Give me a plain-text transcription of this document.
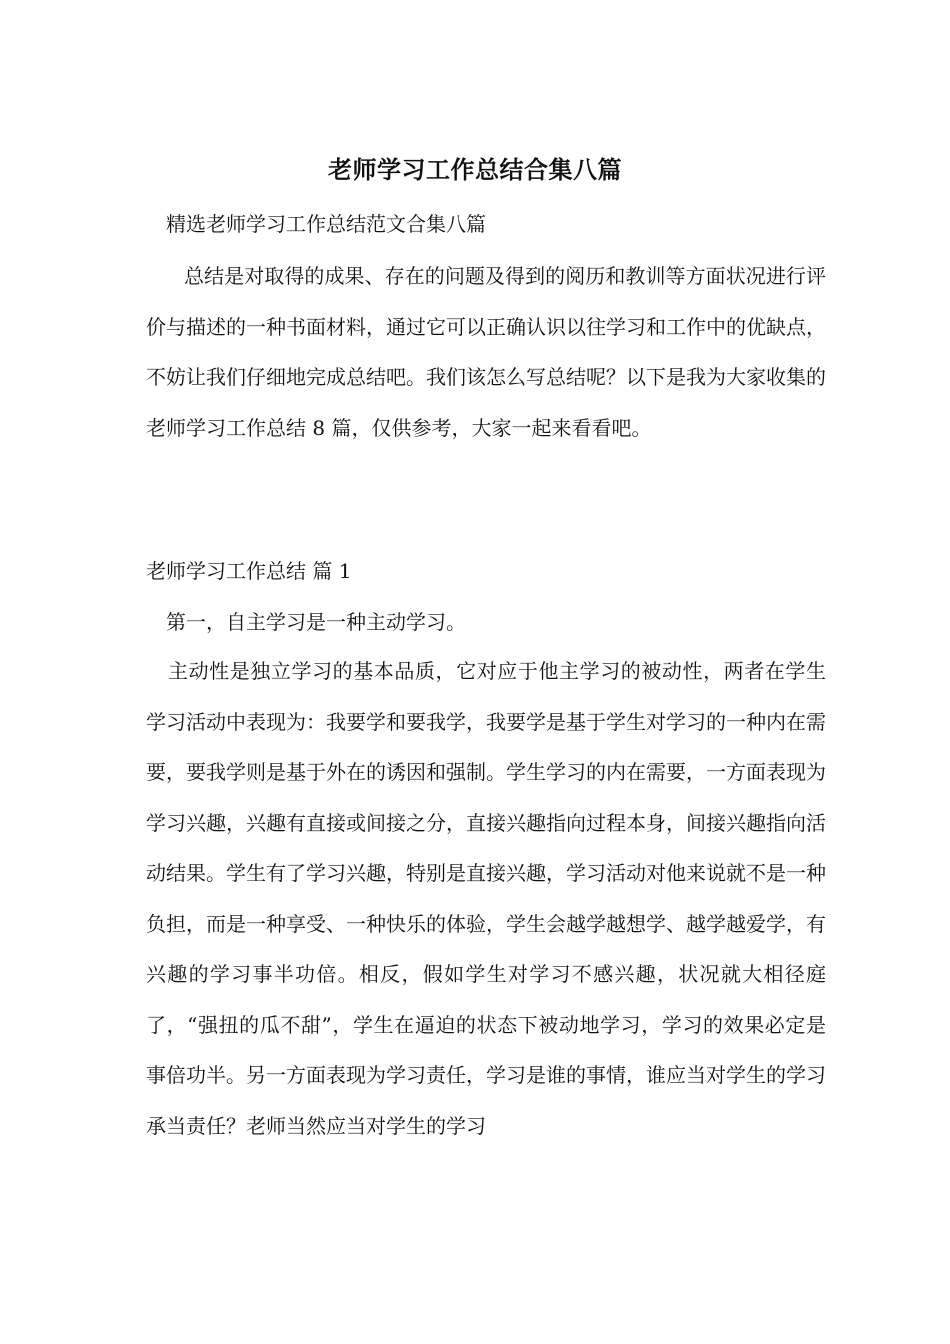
老师学习工作总结合集八篇
精选老师学习工作总结范文合集八篇

总结是对取得的成果、存在的问题及得到的阅历和教训等方面状况进行评价与描述的一种书面材料，通过它可以正确认识以往学习和工作中的优缺点，不妨让我们仔细地完成总结吧。我们该怎么写总结呢？以下是我为大家收集的老师学习工作总结 8 篇，仅供参考，大家一起来看看吧。

老师学习工作总结 篇 1
第一，自主学习是一种主动学习。

主动性是独立学习的基本品质，它对应于他主学习的被动性，两者在学生学习活动中表现为：我要学和要我学，我要学是基于学生对学习的一种内在需要，要我学则是基于外在的诱因和强制。学生学习的内在需要，一方面表现为学习兴趣，兴趣有直接或间接之分，直接兴趣指向过程本身，间接兴趣指向活动结果。学生有了学习兴趣，特别是直接兴趣，学习活动对他来说就不是一种负担，而是一种享受、一种快乐的体验，学生会越学越想学、越学越爱学，有兴趣的学习事半功倍。相反，假如学生对学习不感兴趣，状况就大相径庭了，“强扭的瓜不甜”，学生在逼迫的状态下被动地学习，学习的效果必定是事倍功半。另一方面表现为学习责任，学习是谁的事情，谁应当对学生的学习承当责任？老师当然应当对学生的学习
